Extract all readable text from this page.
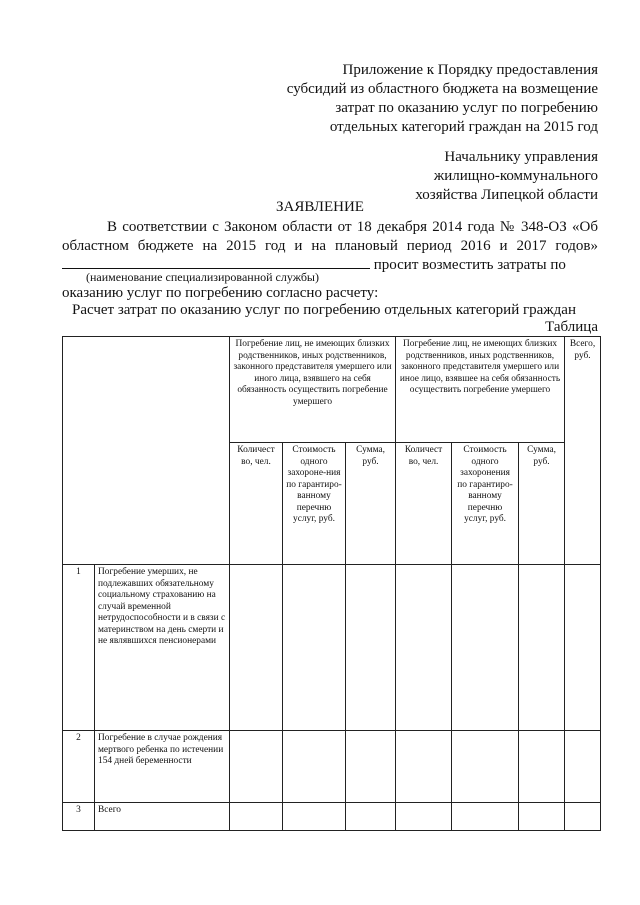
Приложение к Порядку предоставления
субсидий из областного бюджета на возмещение
затрат по оказанию услуг по погребению
отдельных категорий граждан на 2015 год
Начальнику управления
жилищно-коммунального
хозяйства Липецкой области
ЗАЯВЛЕНИЕ
В соответствии с Законом области от 18 декабря 2014 года № 348-ОЗ «Об
областном бюджете на 2015 год и на плановый период 2016 и 2017 годов»
просит возместить затраты по
(наименование специализированной службы)
оказанию услуг по погребению согласно расчету:
Расчет затрат по оказанию услуг по погребению отдельных категорий граждан
Таблица
		Погребение лиц, не имеющих близких родственников, иных родственников, законного представителя умершего или иного лица, взявшего на себя обязанность осуществить погребение умершего			Погребение лиц, не имеющих близких родственников, иных родственников, законного представителя умершего или иное лицо, взявшее на себя обязанность осуществить погребение умершего			Всего, руб.
		Количест во, чел.	Стоимость одного захороне-ния по гарантиро-ванному перечню услуг, руб.	Сумма, руб.	Количест во, чел.	Стоимость одного захоронения по гарантиро-ванному перечню услуг, руб.	Сумма, руб.	
1	Погребение умерших, не подлежавших обязательному социальному страхованию на случай временной нетрудоспособности и в связи с материнством на день смерти и не являвшихся пенсионерами							
2	Погребение в случае рождения мертвого ребенка по истечении 154 дней беременности							
3	Всего							
